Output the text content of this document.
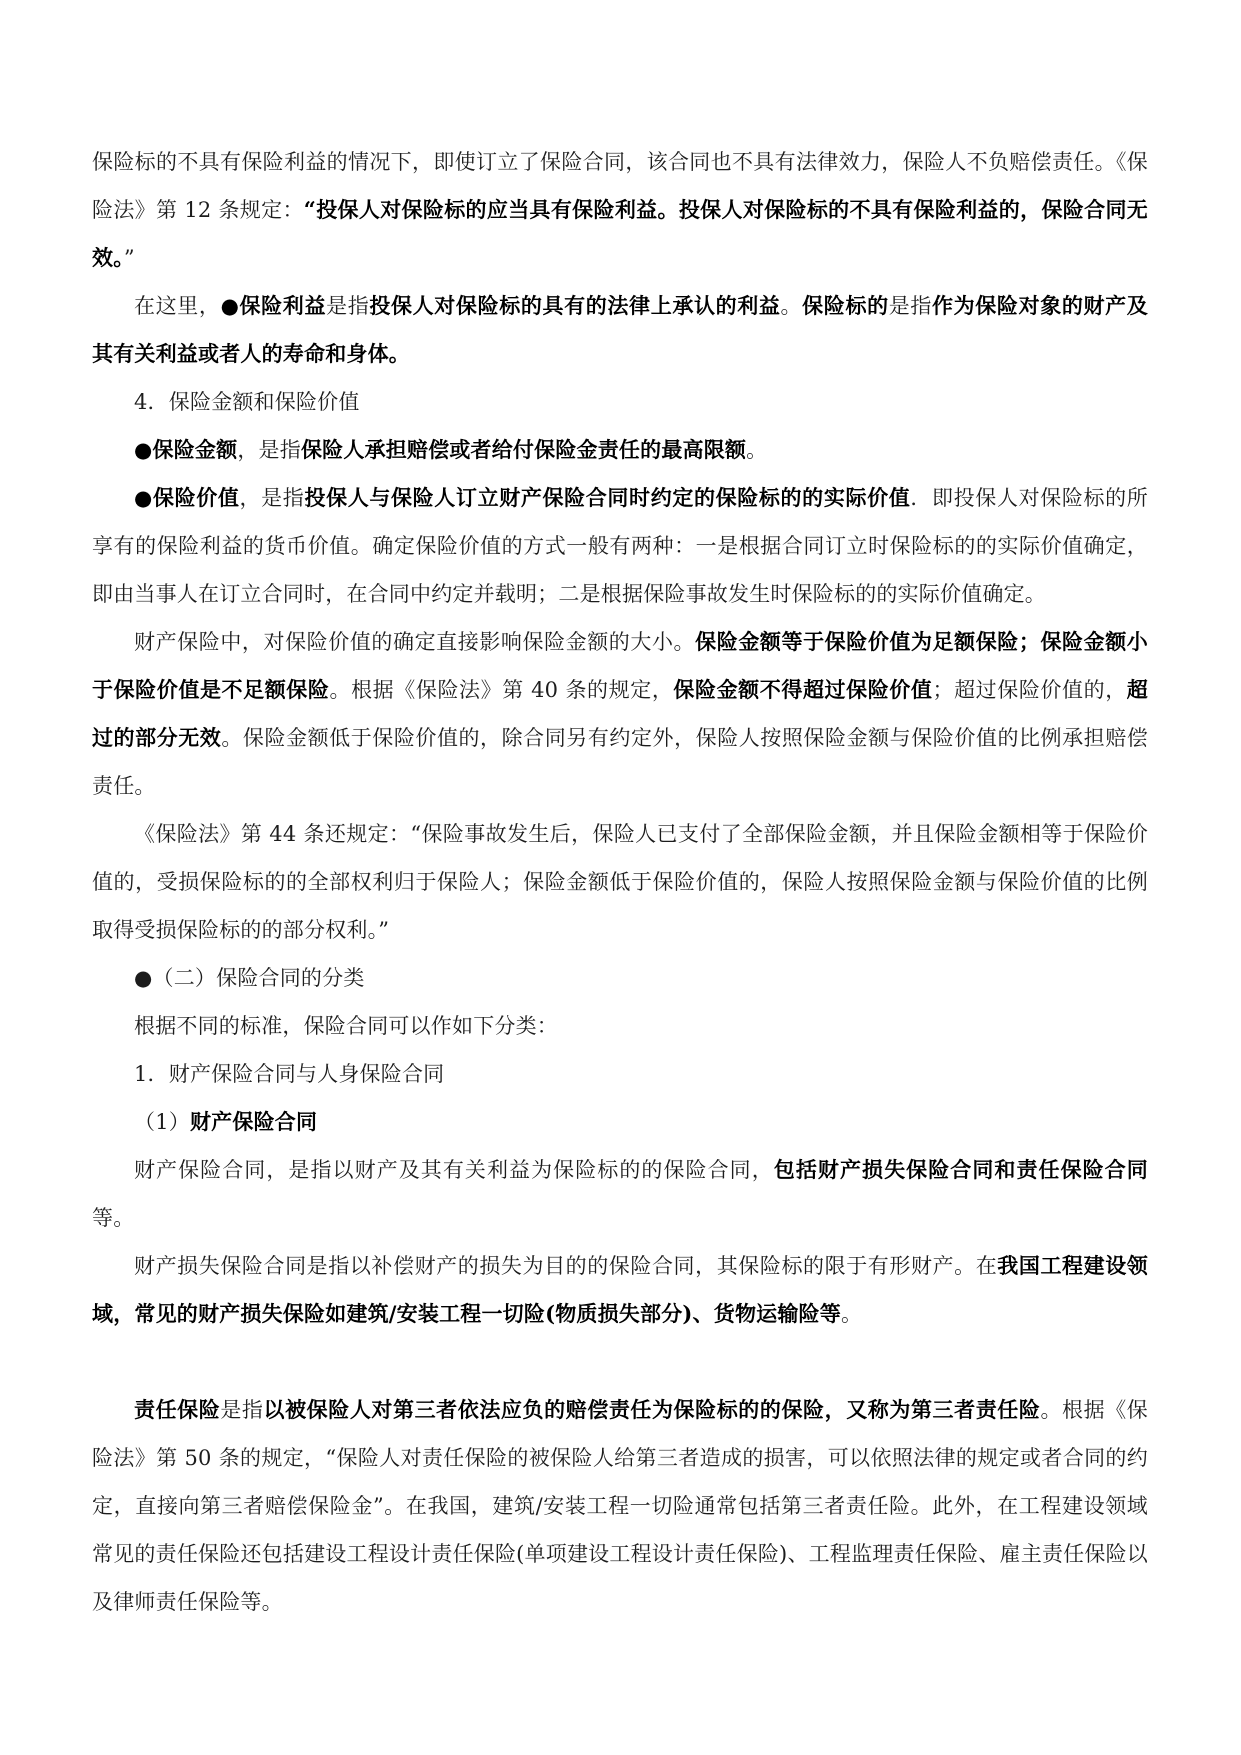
保险标的不具有保险利益的情况下，即使订立了保险合同，该合同也不具有法律效力，保险人不负赔偿责任。《保险法》第 12 条规定：“投保人对保险标的应当具有保险利益。投保人对保险标的不具有保险利益的，保险合同无效。”

在这里，●保险利益是指投保人对保险标的具有的法律上承认的利益。保险标的是指作为保险对象的财产及其有关利益或者人的寿命和身体。

4．保险金额和保险价值

●保险金额，是指保险人承担赔偿或者给付保险金责任的最高限额。

●保险价值，是指投保人与保险人订立财产保险合同时约定的保险标的的实际价值．即投保人对保险标的所享有的保险利益的货币价值。确定保险价值的方式一般有两种：一是根据合同订立时保险标的的实际价值确定，即由当事人在订立合同时，在合同中约定并载明；二是根据保险事故发生时保险标的的实际价值确定。

财产保险中，对保险价值的确定直接影响保险金额的大小。保险金额等于保险价值为足额保险；保险金额小于保险价值是不足额保险。根据《保险法》第 40 条的规定，保险金额不得超过保险价值；超过保险价值的，超过的部分无效。保险金额低于保险价值的，除合同另有约定外，保险人按照保险金额与保险价值的比例承担赔偿责任。

《保险法》第 44 条还规定：“保险事故发生后，保险人已支付了全部保险金额，并且保险金额相等于保险价值的，受损保险标的的全部权利归于保险人；保险金额低于保险价值的，保险人按照保险金额与保险价值的比例取得受损保险标的的部分权利。”

●（二）保险合同的分类

根据不同的标准，保险合同可以作如下分类：

1．财产保险合同与人身保险合同

（1）财产保险合同

财产保险合同，是指以财产及其有关利益为保险标的的保险合同，包括财产损失保险合同和责任保险合同等。

财产损失保险合同是指以补偿财产的损失为目的的保险合同，其保险标的限于有形财产。在我国工程建设领域，常见的财产损失保险如建筑/安装工程一切险(物质损失部分)、货物运输险等。

责任保险是指以被保险人对第三者依法应负的赔偿责任为保险标的的保险，又称为第三者责任险。根据《保险法》第 50 条的规定，“保险人对责任保险的被保险人给第三者造成的损害，可以依照法律的规定或者合同的约定，直接向第三者赔偿保险金”。在我国，建筑/安装工程一切险通常包括第三者责任险。此外，在工程建设领域常见的责任保险还包括建设工程设计责任保险(单项建设工程设计责任保险)、工程监理责任保险、雇主责任保险以及律师责任保险等。
